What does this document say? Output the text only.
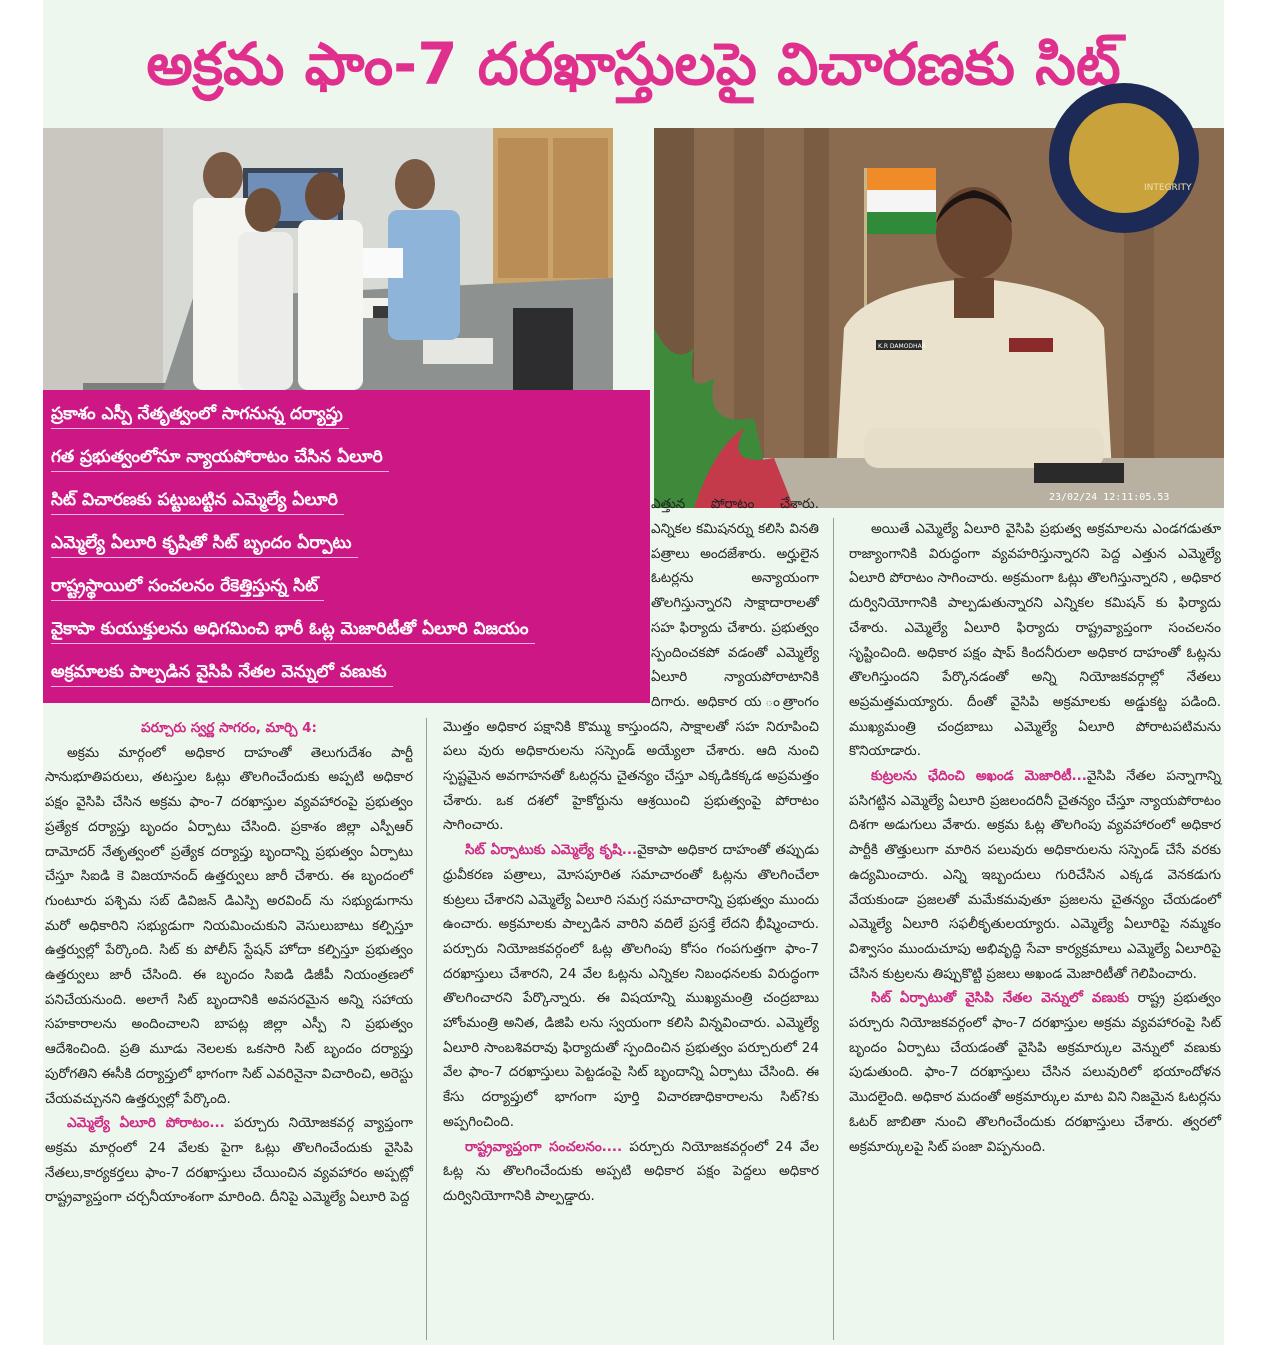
అక్రమ ఫాం-7 దరఖాస్తులపై విచారణకు సిట్
INTEGRITY
K.R DAMODHAR
23/02/24 12:11:05.53
ప్రకాశం ఎస్పీ నేతృత్వంలో సాగనున్న దర్యాప్తు
గత ప్రభుత్వంలోనూ న్యాయపోరాటం చేసిన ఏలూరి
సిట్ విచారణకు పట్టుబట్టిన ఎమ్మెల్యే ఏలూరి
ఎమ్మెల్యే ఏలూరి కృషితో సిట్ బృందం ఏర్పాటు
రాష్ట్రస్థాయిలో సంచలనం రేకెత్తిస్తున్న సిట్
వైకాపా కుయుక్తులను అధిగమించి భారీ ఓట్ల మెజారిటీతో ఏలూరి విజయం
అక్రమాలకు పాల్పడిన వైసిపి నేతల వెన్నులో వణుకు

పర్చూరు స్వర్ణ సాగరం, మార్చి 4:

అక్రమ మార్గంలో అధికార దాహంతో తెలుగుదేశం పార్టీ సానుభూతిపరులు, తటస్తుల ఓట్లు తొలగించేందుకు అప్పటి అధికార పక్షం వైసిపి చేసిన అక్రమ ఫాం-7 దరఖాస్తుల వ్యవహారంపై ప్రభుత్వం ప్రత్యేక దర్యాప్తు బృందం ఏర్పాటు చేసింది. ప్రకాశం జిల్లా ఎస్పీఆర్ దామోదర్ నేతృత్వంలో ప్రత్యేక దర్యాప్తు బృందాన్ని ప్రభుత్వం ఏర్పాటు చేస్తూ సిఐడి కె విజయానంద్ ఉత్తర్వులు జారీ చేశారు. ఈ బృందంలో గుంటూరు పశ్చిమ సబ్ డివిజన్ డిఎస్పి అరవింద్ ను సభ్యుడుగాను మరో అధికారిని సభ్యుడుగా నియమించుకుని వెసులుబాటు కల్పిస్తూ ఉత్తర్వుల్లో పేర్కొంది. సిట్ కు పోలీస్ స్టేషన్ హోదా కల్పిస్తూ ప్రభుత్వం ఉత్తర్వులు జారీ చేసింది. ఈ బృందం సిఐడి డిజీపీ నియంత్రణలో పనిచేయనుంది. అలాగే సిట్ బృందానికి అవసరమైన అన్ని సహాయ సహకారాలను అందించాలని బాపట్ల జిల్లా ఎస్పీ ని ప్రభుత్వం ఆదేశించింది. ప్రతి మూడు నెలలకు ఒకసారి సిట్ బృందం దర్యాప్తు పురోగతిని ఈసీకి దర్యాప్తులో భాగంగా సిట్ ఎవరినైనా విచారించి, అరెస్టు చేయవచ్చునని ఉత్తర్వుల్లో పేర్కొంది.

ఎమ్మెల్యే ఏలూరి పోరాటం... పర్చూరు నియోజకవర్గ వ్యాప్తంగా అక్రమ మార్గంలో 24 వేలకు పైగా ఓట్లు తొలగించేందుకు వైసిపి నేతలు,కార్యకర్తలు ఫాం-7 దరఖాస్తులు చేయించిన వ్యవహారం అప్పట్లో రాష్ట్రవ్యాప్తంగా చర్చనీయాంశంగా మారింది. దీనిపై ఎమ్మెల్యే ఏలూరి పెద్ద

ఎత్తున పోరాటం చేశారు. ఎన్నికల కమిషనర్ను కలిసి వినతి పత్రాలు అందజేశారు. అర్హులైన ఓటర్లను అన్యాయంగా తొలగిస్తున్నారని సాక్షాదారాలతో సహ ఫిర్యాదు చేశారు. ప్రభుత్వం స్పందించకపో వడంతో ఎమ్మెల్యే ఏలూరి న్యాయపోరాటానికి దిగారు. అధికార య ంత్రాంగం మొత్తం అధికార పక్షానికి కొమ్ము కాస్తుందని, సాక్షాలతో సహ నిరూపించి పలు వురు అధికారులను సస్పెండ్ అయ్యేలా చేశారు. ఆది నుంచి స్పష్టమైన అవగాహనతో ఓటర్లను చైతన్యం చేస్తూ ఎక్కడికక్కడ అప్రమత్తం చేశారు. ఒక దశలో హైకోర్టును ఆశ్రయించి ప్రభుత్వంపై పోరాటం సాగించారు.

సిట్ ఏర్పాటుకు ఎమ్మెల్యే కృషి...వైకాపా అధికార దాహంతో తప్పుడు ధ్రువీకరణ పత్రాలు, మోసపూరిత సమాచారంతో ఓట్లను తొలగించేలా కుట్రలు చేశారని ఎమ్మెల్యే ఏలూరి సమగ్ర సమాచారాన్ని ప్రభుత్వం ముందు ఉంచారు. అక్రమాలకు పాల్పడిన వారిని వదిలే ప్రసక్తే లేదని భీష్మించారు. పర్చూరు నియోజకవర్గంలో ఓట్ల తొలగింపు కోసం గంపగుత్తగా ఫాం-7 దరఖాస్తులు చేశారని, 24 వేల ఓట్లను ఎన్నికల నిబంధనలకు విరుద్ధంగా తొలగించారని పేర్కొన్నారు. ఈ విషయాన్ని ముఖ్యమంత్రి చంద్రబాబు హోంమంత్రి అనిత, డిజిపి లను స్వయంగా కలిసి విన్నవించారు. ఎమ్మెల్యే ఏలూరి సాంబశివరావు ఫిర్యాదుతో స్పందించిన ప్రభుత్వం పర్చూరులో 24 వేల ఫాం-7 దరఖాస్తులు పెట్టడంపై సిట్ బృందాన్ని ఏర్పాటు చేసింది. ఈ కేసు దర్యాప్తులో భాగంగా పూర్తి విచారణాధికారాలను సిట్?కు అప్పగించింది.

రాష్ట్రవ్యాప్తంగా సంచలనం.... పర్చూరు నియోజకవర్గంలో 24 వేల ఓట్ల ను తొలగించేందుకు అప్పటి అధికార పక్షం పెద్దలు అధికార దుర్వినియోగానికి పాల్పడ్డారు.

అయితే ఎమ్మెల్యే ఏలూరి వైసిపి ప్రభుత్వ అక్రమాలను ఎండగడుతూ రాజ్యాంగానికి విరుద్ధంగా వ్యవహరిస్తున్నారని పెద్ద ఎత్తున ఎమ్మెల్యే ఏలూరి పోరాటం సాగించారు. అక్రమంగా ఓట్లు తొలగిస్తున్నారని , అధికార దుర్వినియోగానికి పాల్పడుతున్నారని ఎన్నికల కమిషన్ కు ఫిర్యాదు చేశారు. ఎమ్మెల్యే ఏలూరి ఫిర్యాదు రాష్ట్రవ్యాప్తంగా సంచలనం సృష్టించింది. అధికార పక్షం షాప్ కిందనీరులా అధికార దాహంతో ఓట్లను తొలగిస్తుందని పేర్కొనడంతో అన్ని నియోజకవర్గాల్లో నేతలు అప్రమత్తమయ్యారు. దీంతో వైసిపి అక్రమాలకు అడ్డుకట్ట పడింది. ముఖ్యమంత్రి చంద్రబాబు ఎమ్మెల్యే ఏలూరి పోరాటపటిమను కొనియాడారు.

కుట్రలను ఛేదించి అఖండ మెజారిటీ...వైసిపి నేతల పన్నాగాన్ని పసిగట్టిన ఎమ్మెల్యే ఏలూరి ప్రజలందరినీ చైతన్యం చేస్తూ న్యాయపోరాటం దిశగా అడుగులు వేశారు. అక్రమ ఓట్ల తొలగింపు వ్యవహారంలో అధికార పార్టీకి తొత్తులుగా మారిన పలువురు అధికారులను సస్పెండ్ చేసే వరకు ఉద్యమించారు. ఎన్ని ఇబ్బందులు గురిచేసిన ఎక్కడ వెనకడుగు వేయకుండా ప్రజలతో మమేకమవుతూ ప్రజలను చైతన్యం చేయడంలో ఎమ్మెల్యే ఏలూరి సఫలీకృతులయ్యారు. ఎమ్మెల్యే ఏలూరిపై నమ్మకం విశ్వాసం ముందుచూపు అభివృద్ధి సేవా కార్యక్రమాలు ఎమ్మెల్యే ఏలూరిపై చేసిన కుట్రలను తిప్పుకొట్టి ప్రజలు అఖండ మెజారిటీతో గెలిపించారు.

సిట్ ఏర్పాటుతో వైసిపి నేతల వెన్నులో వణుకు రాష్ట్ర ప్రభుత్వం పర్చూరు నియోజకవర్గంలో ఫాం-7 దరఖాస్తుల అక్రమ వ్యవహారంపై సిట్ బృందం ఏర్పాటు చేయడంతో వైసిపి అక్రమార్కుల వెన్నులో వణుకు పుడుతుంది. ఫాం-7 దరఖాస్తులు చేసిన పలువురిలో భయాందోళన మొదలైంది. అధికార మదంతో అక్రమార్కుల మాట విని నిజమైన ఓటర్లను ఓటర్ జాబితా నుంచి తొలగించేందుకు దరఖాస్తులు చేశారు. త్వరలో అక్రమార్కులపై సిట్ పంజా విప్పనుంది.
